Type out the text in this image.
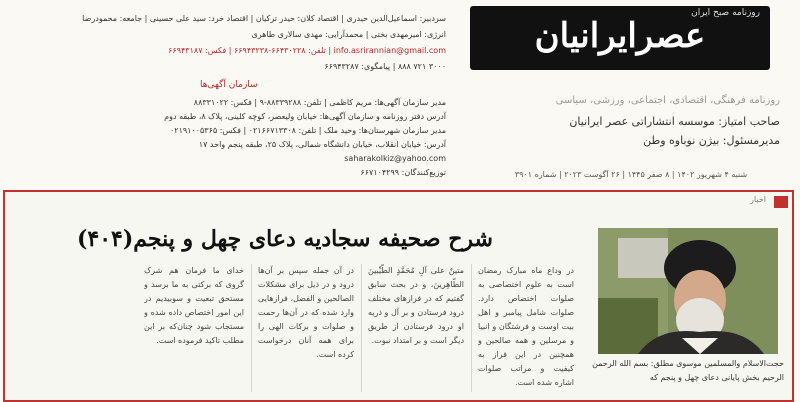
روزنامه صبح ایران
عصرایرانیان
روزنامه فرهنگی، اقتصادی، اجتماعی، ورزشی، سیاسی
صاحب امتیاز: موسسه انتشاراتی عصر ایرانیان
مدیرمسئول: بیژن نوباوه وطن
شنبه ۴ شهریور ۱۴۰۲ | ۸ صفر ۱۴۴۵ | ۲۶ آگوست ۲۰۲۳ | شماره ۳۹۰۱
سردبیر: اسماعیل‌الدین حیدری | اقتصاد کلان: حیدر ترکیان | اقتصاد خرد: سید علی حسینی | جامعه: محمودرضا
انرژی: امیرمهدی بختی | محمدآرایی: مهدی سالاری طاهری
info.asrirannian@gmail.com | تلفن: ۶۶۴۳۰۲۲۸-۶۶۹۴۳۲۳۸ | فکس: ۶۶۹۴۳۱۸۷
۳۰۰۰ ۷۲۱ ۸۸۸ | پیامگوی: ۶۶۹۴۳۲۸۷
سازمان آگهی‌ها
مدیر سازمان آگهی‌ها: مریم کاظمی | تلفن: ۸۸۳۳۹۲۸۸-۹ | فکس: ۸۸۳۳۱۰۲۲
آدرس دفتر روزنامه و سازمان آگهی‌ها: خیابان ولیعصر، کوچه کلینی، پلاک ۸، طبقه دوم
مدیر سازمان شهرستان‌ها: وحید ملک | تلفن: ۰۲۱۶۶۷۱۳۳۰۸ | فکس: ۰۲۱۹۱۰۰۵۳۶۵
آدرس: خیابان انقلاب، خیابان دانشگاه شمالی، پلاک ۲۵، طبقه پنجم واحد ۱۷
saharakolkiz@yahoo.com
توزیع‌کنندگان: ۶۶۷۱۰۴۲۹۹
اخبار
شرح صحیفه سجادیه دعای چهل و پنجم(۴۰۴)
حجت‌الاسلام والمسلمین موسوی مطلق: بسم الله الرحمن الرحیم بخش پایانی دعای چهل و پنجم که
در وداع ماه مبارک رمضان است به علوم اختصاصی به صلوات اختصاص دارد. صلوات شامل پیامبر و اهل بیت اوست و فرشتگان و انبیا و مرسلین و همه صالحین و همچنین در این فراز به کیفیت و مراتب صلوات اشاره شده است.
متینٌ علی آلِ مُحَمَّدٍ الطَّیِّبینَ الطّاهِرینَ، و در بحث سابق گفتیم که در فرازهای مختلف درود فرستادن و بر آل و ذریه او درود فرستادن از طریق دیگر است و بر امتداد نبوت.
در آن جمله سپس بر آن‌ها درود و در ذیل برای مشکلات الصالحین و الفضل، فرازهایی وارد شده که در آن‌ها رحمت و صلوات و برکات الهی را برای همه آنان درخواست کرده است.
خدای ما فرمان هم شرک گروی که برکتی به ما برسد و مستحق تبعیت و سوبیدیم در این امور اختصاص داده شده و مستجاب شود چنان‌که بر این مطلب تاکید فرموده است.
